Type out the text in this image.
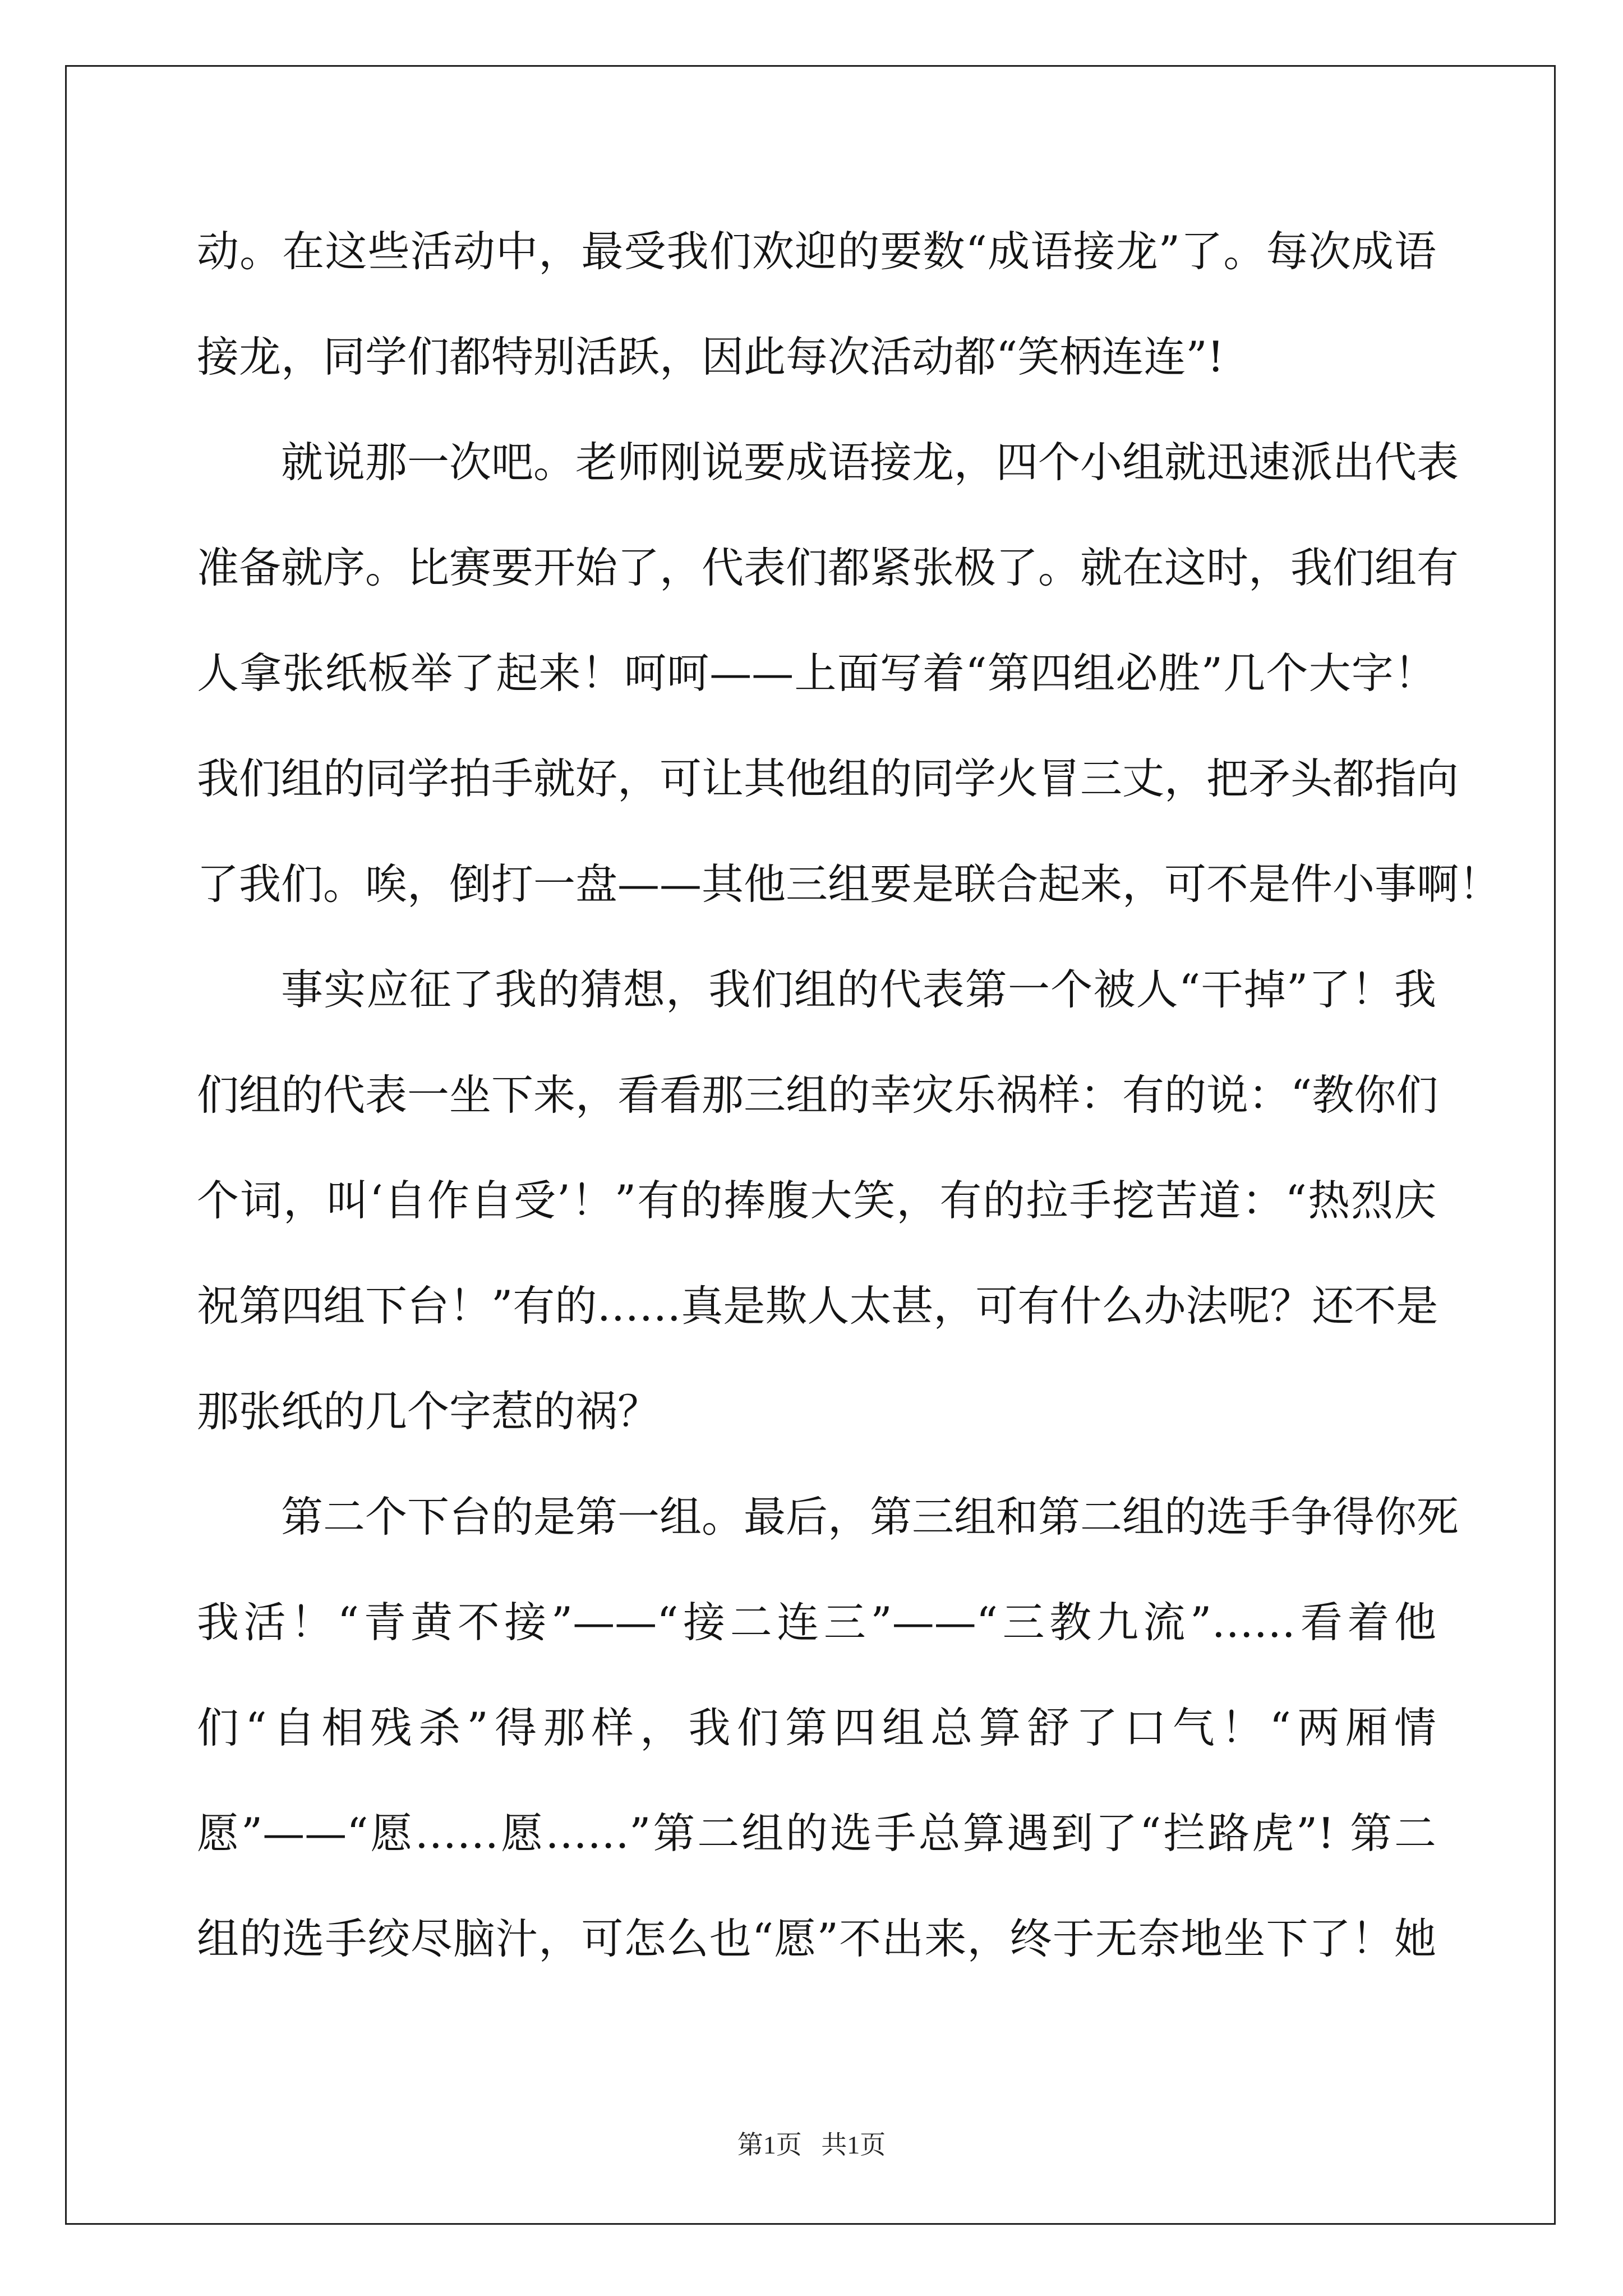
动。在这些活动中，最受我们欢迎的要数“成语接龙”了。每次成语
接龙，同学们都特别活跃，因此每次活动都“笑柄连连”!
就说那一次吧。老师刚说要成语接龙，四个小组就迅速派出代表
准备就序。比赛要开始了，代表们都紧张极了。就在这时，我们组有
人拿张纸板举了起来！呵呵——上面写着“第四组必胜”几个大字！
我们组的同学拍手就好，可让其他组的同学火冒三丈，把矛头都指向
了我们。唉，倒打一盘——其他三组要是联合起来，可不是件小事啊！
事实应征了我的猜想，我们组的代表第一个被人“干掉”了！我
们组的代表一坐下来，看看那三组的幸灾乐祸样：有的说：“教你们
个词，叫‘自作自受’！”有的捧腹大笑，有的拉手挖苦道：“热烈庆
祝第四组下台！”有的……真是欺人太甚，可有什么办法呢？还不是
那张纸的几个字惹的祸？
第二个下台的是第一组。最后，第三组和第二组的选手争得你死
我活！“青黄不接”——“接二连三”——“三教九流”……看着他
们“自相残杀”得那样，我们第四组总算舒了口气！“两厢情
愿”——“愿……愿……”第二组的选手总算遇到了“拦路虎”! 第二
组的选手绞尽脑汁，可怎么也“愿”不出来，终于无奈地坐下了！她
第1页   共1页
